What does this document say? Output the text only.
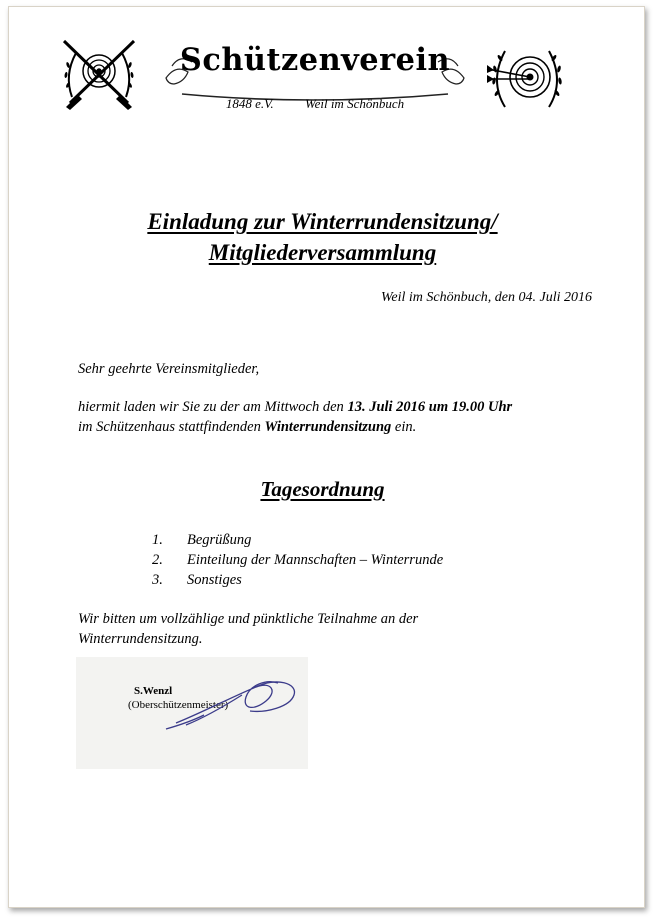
Schützenverein
1848 e.V. Weil im Schönbuch
Einladung zur Winterrundensitzung/
Mitgliederversammlung
Weil im Schönbuch, den 04. Juli 2016
Sehr geehrte Vereinsmitglieder,
hiermit laden wir Sie zu der am Mittwoch den 13. Juli 2016 um 19.00 Uhr
im Schützenhaus stattfindenden Winterrundensitzung ein.
Tagesordnung
1. Begrüßung
2. Einteilung der Mannschaften – Winterrunde
3. Sonstiges
Wir bitten um vollzählige und pünktliche Teilnahme an der
Winterrundensitzung.
S.Wenzl
(Oberschützenmeister)
